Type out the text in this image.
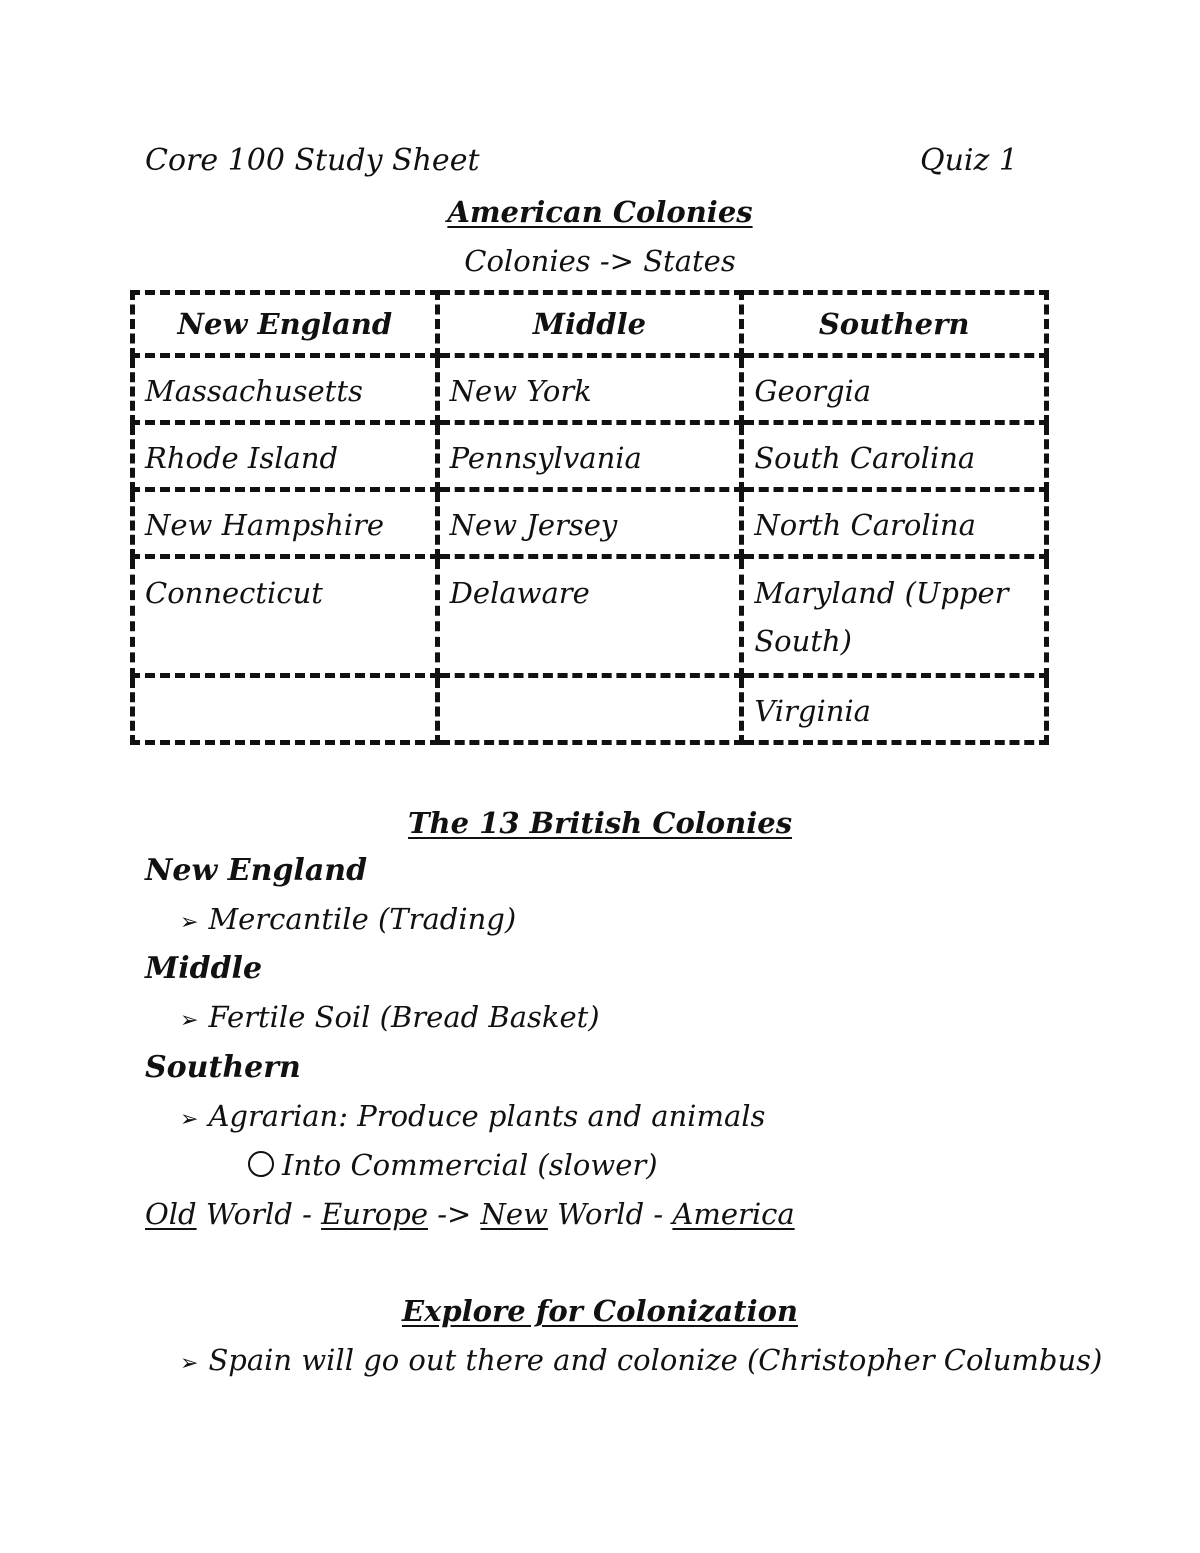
Core 100 Study Sheet	Quiz 1
American Colonies
Colonies -> States
New England	Middle	Southern
Massachusetts	New York	Georgia
Rhode Island	Pennsylvania	South Carolina
New Hampshire	New Jersey	North Carolina
Connecticut	Delaware	Maryland (Upper South)
		Virginia
The 13 British Colonies
New England
➢ Mercantile (Trading)
Middle
➢ Fertile Soil (Bread Basket)
Southern
➢ Agrarian: Produce plants and animals
Into Commercial (slower)
Old World - Europe -> New World - America
Explore for Colonization
➢ Spain will go out there and colonize (Christopher Columbus)
